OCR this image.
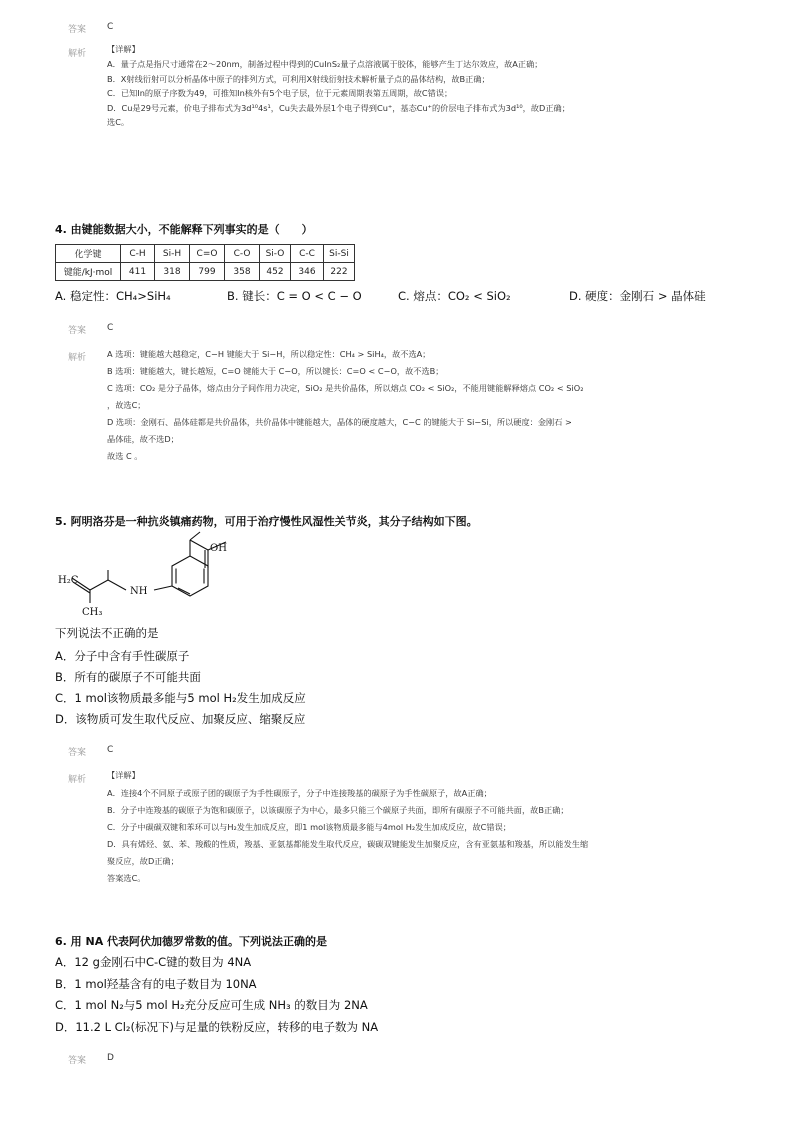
答案 C
解析	【详解】
A．量子点是指尺寸通常在2～20nm，制备过程中得到的CuInS₂量子点溶液属于胶体，能够产生丁达尔效应，故A正确；
B．X射线衍射可以分析晶体中原子的排列方式，可利用X射线衍射技术解析量子点的晶体结构，故B正确；
C．已知In的原子序数为49，可推知In核外有5个电子层，位于元素周期表第五周期，故C错误；
D．Cu是29号元素，价电子排布式为3d¹⁰4s¹，Cu失去最外层1个电子得到Cu⁺，基态Cu⁺的价层电子排布式为3d¹⁰，故D正确；
选C。
4. 由键能数据大小，不能解释下列事实的是（　　）
化学键	C-H	Si-H	C=O	C-O	Si-O	C-C	Si-Si
键能/kJ·mol	411	318	799	358	452	346	222
A. 稳定性：CH₄>SiH₄	B. 键长：C = O < C − O	C. 熔点：CO₂ < SiO₂	D. 硬度：金刚石 > 晶体硅
答案 C
解析	A 选项：键能越大越稳定，C−H 键能大于 Si−H，所以稳定性：CH₄ > SiH₄，故不选A；
B 选项：键能越大，键长越短，C=O 键能大于 C−O，所以键长：C=O < C−O，故不选B；
C 选项：CO₂ 是分子晶体，熔点由分子间作用力决定，SiO₂ 是共价晶体，所以熔点 CO₂ < SiO₂，不能用键能解释熔点 CO₂ < SiO₂
，故选C；
D 选项：金刚石、晶体硅都是共价晶体，共价晶体中键能越大，晶体的硬度越大，C−C 的键能大于 Si−Si，所以硬度：金刚石 >
晶体硅，故不选D；
故选 C 。
5. 阿明洛芬是一种抗炎镇痛药物，可用于治疗慢性风湿性关节炎，其分子结构如下图。
OH
H₂C
NH
CH₃
下列说法不正确的是
A．分子中含有手性碳原子
B．所有的碳原子不可能共面
C．1 mol该物质最多能与5 mol H₂发生加成反应
D．该物质可发生取代反应、加聚反应、缩聚反应
答案 C
解析	【详解】
A．连接4个不同原子或原子团的碳原子为手性碳原子，分子中连接羧基的碳原子为手性碳原子，故A正确；
B．分子中连羧基的碳原子为饱和碳原子，以该碳原子为中心，最多只能三个碳原子共面，即所有碳原子不可能共面，故B正确；
C．分子中碳碳双键和苯环可以与H₂发生加成反应，即1 mol该物质最多能与4mol H₂发生加成反应，故C错误；
D．具有烯烃、氨、苯、羧酸的性质，羧基、亚氨基都能发生取代反应，碳碳双键能发生加聚反应，含有亚氨基和羧基，所以能发生缩
聚反应，故D正确；
答案选C。
6. 用 NA 代表阿伏加德罗常数的值。下列说法正确的是
A．12 g金刚石中C-C键的数目为 4NA
B．1 mol羟基含有的电子数目为 10NA
C．1 mol N₂与5 mol H₂充分反应可生成 NH₃ 的数目为 2NA
D．11.2 L Cl₂(标况下)与足量的铁粉反应，转移的电子数为 NA
答案 D
